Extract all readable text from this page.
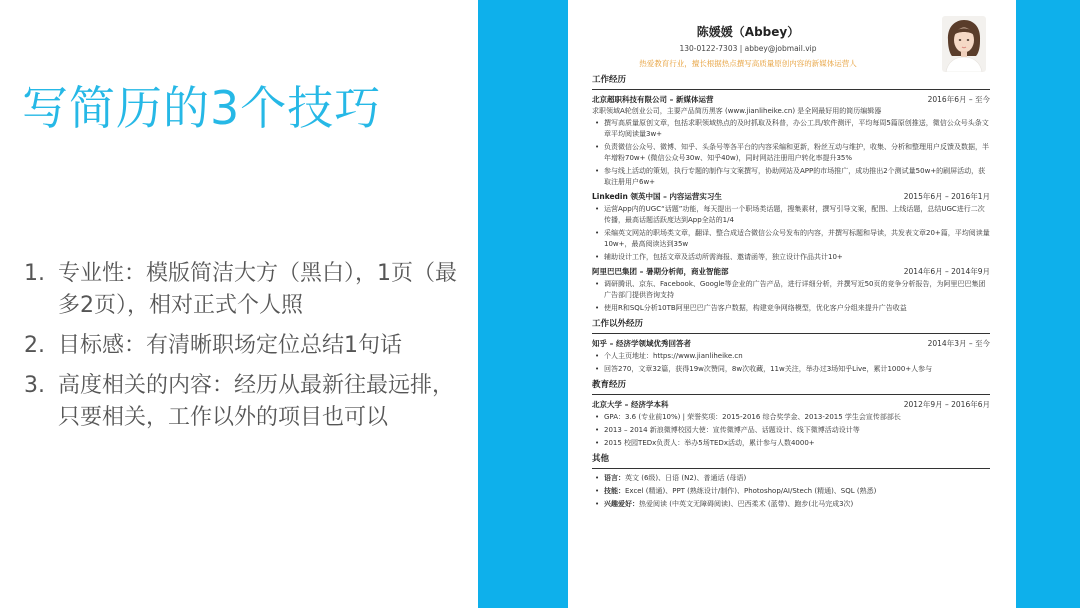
写简历的3个技巧
1. 专业性：模版简洁大方（黑白），1页（最多2页），相对正式个人照
2. 目标感：有清晰职场定位总结1句话
3. 高度相关的内容：经历从最新往最远排，只要相关，工作以外的项目也可以
陈媛媛（Abbey）
130-0122-7303 | abbey@jobmail.vip
热爱教育行业，擅长根据热点撰写高质量原创内容的新媒体运营人
工作经历
北京超职科技有限公司 – 新媒体运营	2016年6月 – 至今
求职领域A轮创业公司，主要产品简历黑客 (www.jianliheike.cn) 是全网最好用的简历编辑器
• 撰写高质量原创文章，包括求职领域热点的及时抓取及科普，办公工具/软件测评，平均每周5篇原创推送，微信公众号头条文章平均阅读量3w+
• 负责微信公众号、微博、知乎、头条号等各平台的内容采编和更新，粉丝互动与维护，收集、分析和整理用户反馈及数据，半年增粉70w+ (微信公众号30w、知乎40w)，同时网站注册用户转化率提升35%
• 参与线上活动的策划，执行专题的制作与文案撰写，协助网站及APP的市场推广，成功推出2个测试量50w+的刷屏活动，获取注册用户6w+
Linkedin 领英中国 – 内容运营实习生	2015年6月 – 2016年1月
• 运营App内的UGC“话题”功能，每天提出一个职场类话题，搜集素材，撰写引导文案，配图、上线话题，总结UGC进行二次传播，最高话题活跃度达到App全站的1/4
• 采编英文网站的职场类文章，翻译、整合成适合微信公众号发布的内容，并撰写标题和导读，共发表文章20+篇，平均阅读量10w+，最高阅读达到35w
• 辅助设计工作，包括文章及活动所需海报、邀请函等，独立设计作品共计10+
阿里巴巴集团 – 暑期分析师，商业智能部	2014年6月 – 2014年9月
• 调研腾讯、京东、Facebook、Google等企业的广告产品，进行详细分析，并撰写近50页的竞争分析报告，为阿里巴巴集团广告部门提供咨询支持
• 使用R和SQL分析10TB阿里巴巴广告客户数据，构建竞争网络模型，优化客户分组来提升广告收益
工作以外经历
知乎 – 经济学领域优秀回答者	2014年3月 – 至今
• 个人主页地址：https://www.jianliheike.cn
• 回答270，文章32篇，获得19w次赞同，8w次收藏，11w关注，举办过3场知乎Live，累计1000+人参与
教育经历
北京大学 – 经济学本科	2012年9月 – 2016年6月
• GPA：3.6 (专业前10%) | 荣誉奖项：2015-2016 综合奖学金、2013-2015 学生会宣传部部长
• 2013 – 2014 新浪微博校园大使：宣传微博产品、话题设计、线下微博活动设计等
• 2015 校园TEDx负责人：举办5场TEDx活动，累计参与人数4000+
其他
• 语言：英文 (6级)、日语 (N2)、普通话 (母语)
• 技能：Excel (精通)、PPT (熟练设计/制作)、Photoshop/AI/Stech (精通)、SQL (熟悉)
• 兴趣爱好：热爱阅读 (中英文无障碍阅读)、巴西柔术 (蓝带)、跑步(北马完成3次)
